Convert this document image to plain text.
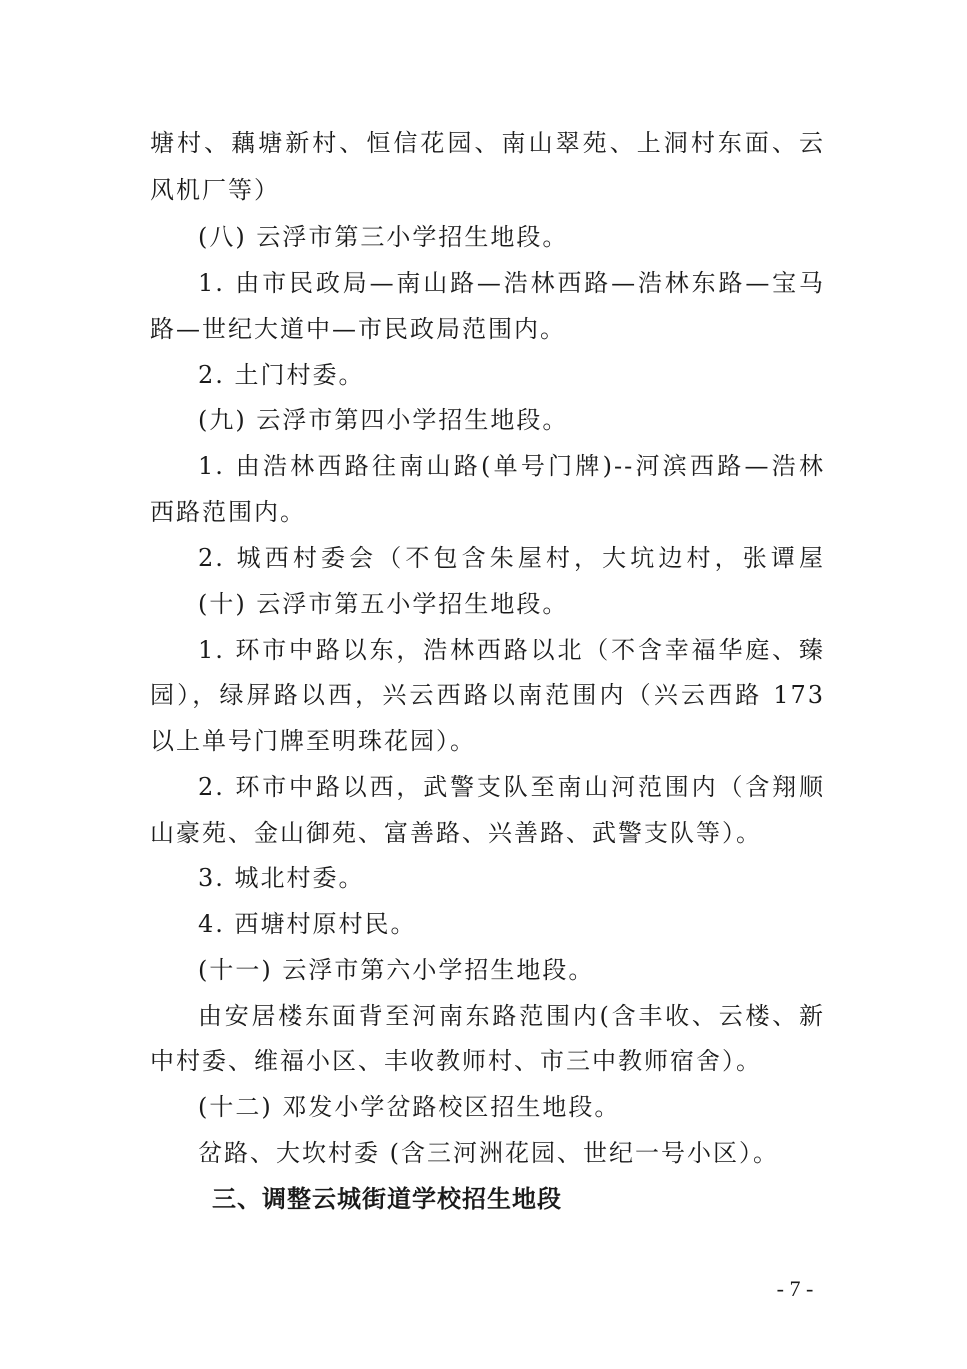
塘村、藕塘新村、恒信花园、南山翠苑、上洞村东面、云
风机厂等）
(八) 云浮市第三小学招生地段。
1. 由市民政局—南山路—浩林西路—浩林东路—宝马
路—世纪大道中—市民政局范围内。
2. 土门村委。
(九) 云浮市第四小学招生地段。
1. 由浩林西路往南山路(单号门牌)--河滨西路—浩林
西路范围内。
2. 城西村委会（不包含朱屋村，大坑边村，张谭屋
(十) 云浮市第五小学招生地段。
1. 环市中路以东，浩林西路以北（不含幸福华庭、臻
园），绿屏路以西，兴云西路以南范围内（兴云西路 173
以上单号门牌至明珠花园）。
2. 环市中路以西，武警支队至南山河范围内（含翔顺
山豪苑、金山御苑、富善路、兴善路、武警支队等）。
3. 城北村委。
4. 西塘村原村民。
(十一) 云浮市第六小学招生地段。
由安居楼东面背至河南东路范围内(含丰收、云楼、新
中村委、维福小区、丰收教师村、市三中教师宿舍）。
(十二) 邓发小学岔路校区招生地段。
岔路、大坎村委 (含三河洲花园、世纪一号小区）。
三、调整云城街道学校招生地段
- 7 -
